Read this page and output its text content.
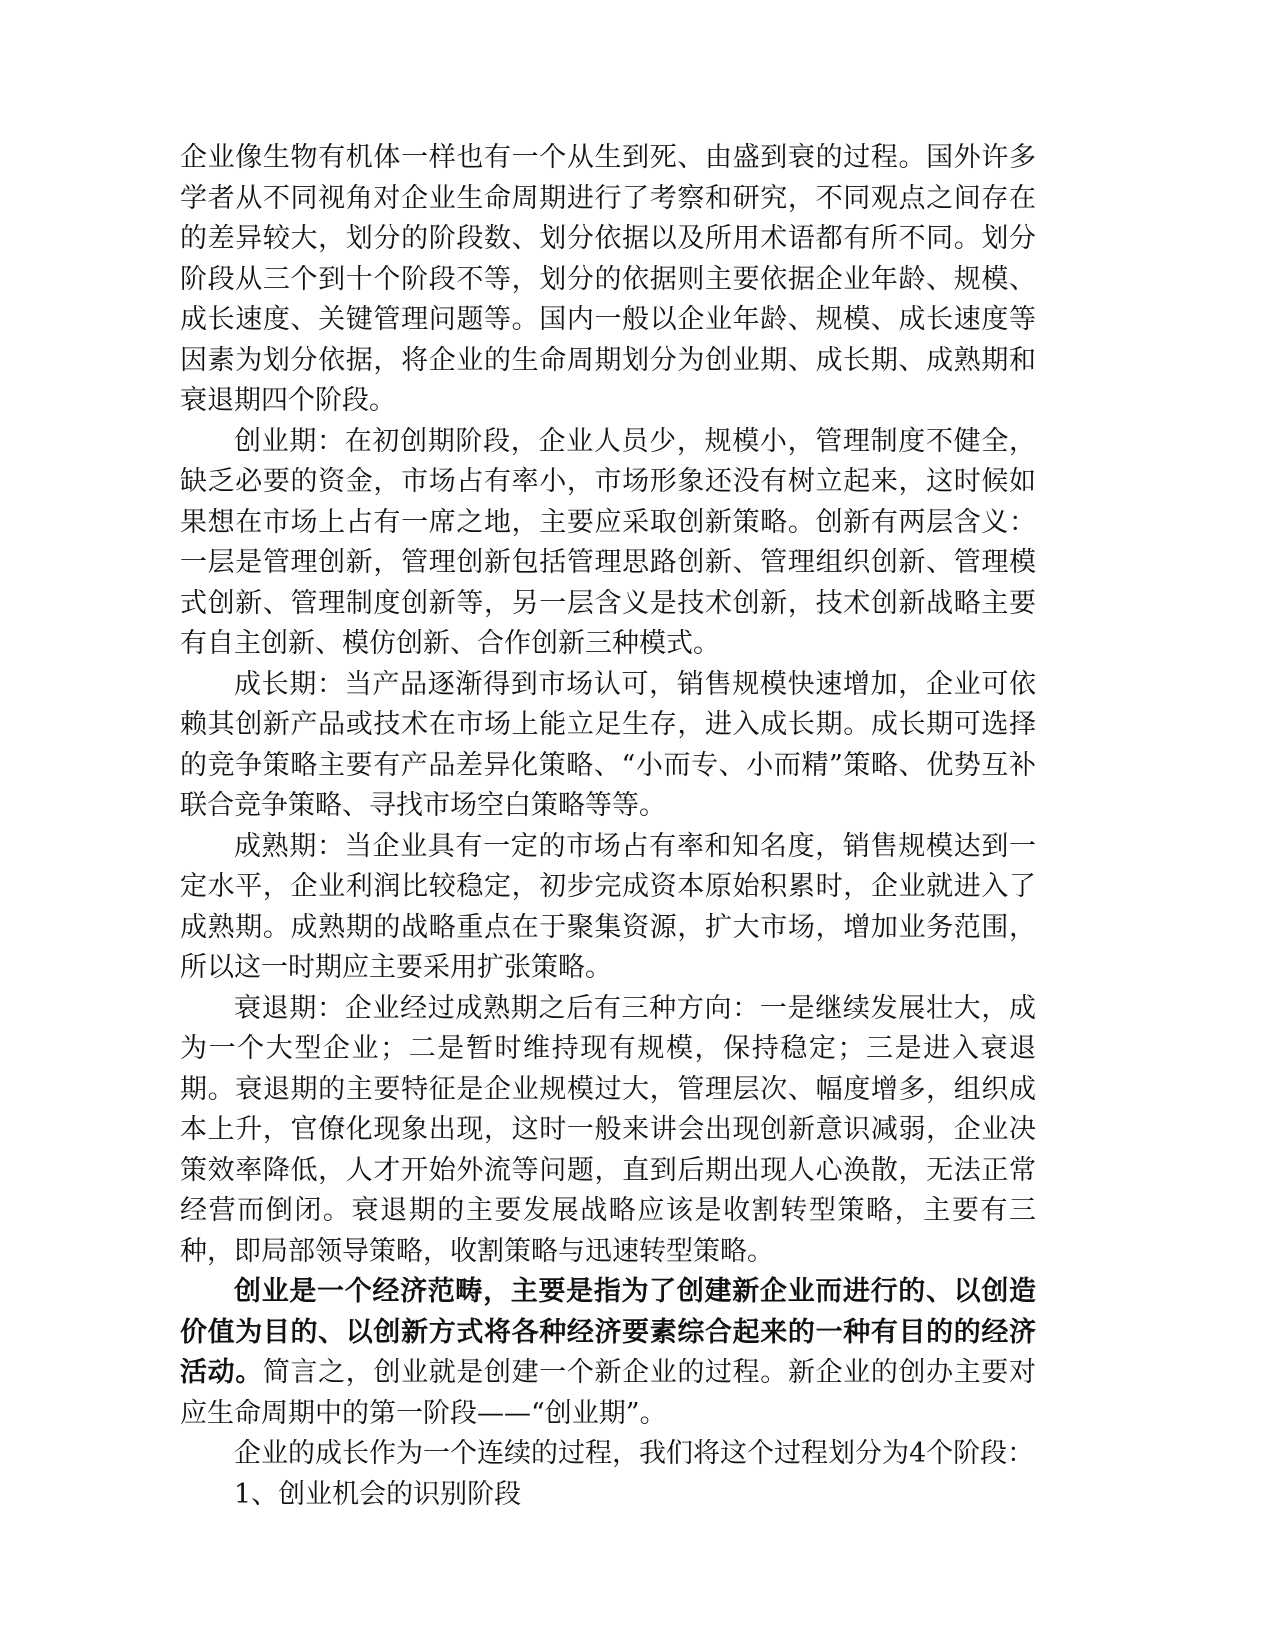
企业像生物有机体一样也有一个从生到死、由盛到衰的过程。国外许多学者从不同视角对企业生命周期进行了考察和研究，不同观点之间存在的差异较大，划分的阶段数、划分依据以及所用术语都有所不同。划分阶段从三个到十个阶段不等，划分的依据则主要依据企业年龄、规模、成长速度、关键管理问题等。国内一般以企业年龄、规模、成长速度等因素为划分依据，将企业的生命周期划分为创业期、成长期、成熟期和衰退期四个阶段。

创业期：在初创期阶段，企业人员少，规模小，管理制度不健全，缺乏必要的资金，市场占有率小，市场形象还没有树立起来，这时候如果想在市场上占有一席之地，主要应采取创新策略。创新有两层含义：一层是管理创新，管理创新包括管理思路创新、管理组织创新、管理模式创新、管理制度创新等，另一层含义是技术创新，技术创新战略主要有自主创新、模仿创新、合作创新三种模式。

成长期：当产品逐渐得到市场认可，销售规模快速增加，企业可依赖其创新产品或技术在市场上能立足生存，进入成长期。成长期可选择的竞争策略主要有产品差异化策略、“小而专、小而精”策略、优势互补联合竞争策略、寻找市场空白策略等等。

成熟期：当企业具有一定的市场占有率和知名度，销售规模达到一定水平，企业利润比较稳定，初步完成资本原始积累时，企业就进入了成熟期。成熟期的战略重点在于聚集资源，扩大市场，增加业务范围，所以这一时期应主要采用扩张策略。

衰退期：企业经过成熟期之后有三种方向：一是继续发展壮大，成为一个大型企业；二是暂时维持现有规模，保持稳定；三是进入衰退期。衰退期的主要特征是企业规模过大，管理层次、幅度增多，组织成本上升，官僚化现象出现，这时一般来讲会出现创新意识减弱，企业决策效率降低，人才开始外流等问题，直到后期出现人心涣散，无法正常经营而倒闭。衰退期的主要发展战略应该是收割转型策略，主要有三种，即局部领导策略，收割策略与迅速转型策略。

创业是一个经济范畴，主要是指为了创建新企业而进行的、以创造价值为目的、以创新方式将各种经济要素综合起来的一种有目的的经济活动。简言之，创业就是创建一个新企业的过程。新企业的创办主要对应生命周期中的第一阶段——“创业期”。

企业的成长作为一个连续的过程，我们将这个过程划分为4个阶段：

1、创业机会的识别阶段
